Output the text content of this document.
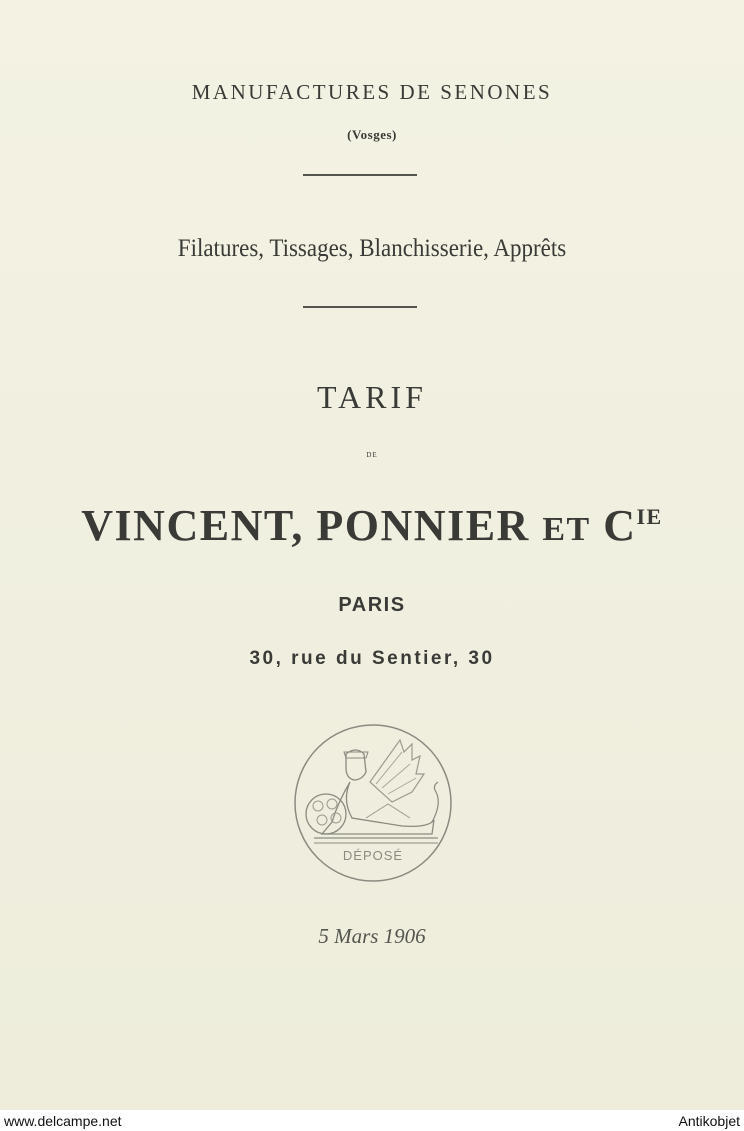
MANUFACTURES DE SENONES
(Vosges)
Filatures, Tissages, Blanchisserie, Apprêts
TARIF
DE
VINCENT, PONNIER ET $C^{IE}$
PARIS
30, rue du Sentier, 30
DÉPOSÉ
5 Mars 1906
www.delcampe.net	Antikobjet
